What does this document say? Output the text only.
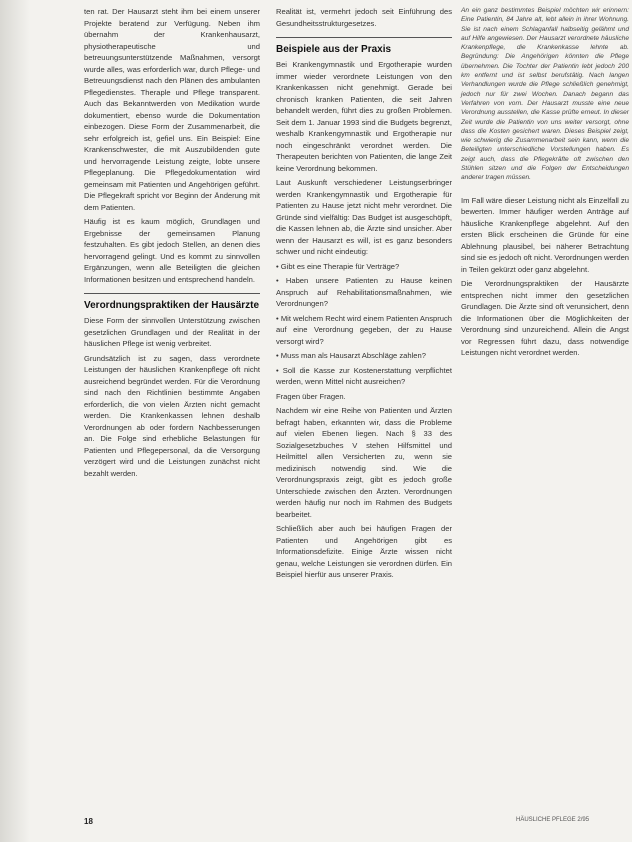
ten rat. Der Hausarzt steht ihm bei einem unserer Projekte beratend zur Verfügung. Neben ihm übernahm der Krankenhausarzt, physiotherapeutische und betreuungsunterstützende Maßnahmen, versorgt wurde alles, was erforderlich war, durch Pflege- und Betreuungsdienst nach den Plänen des ambulanten Pflegedienstes. Theraple und Pflege transparent. Auch das Bekanntwerden von Medikation wurde dokumentiert, ebenso wurde die Dokumentation einbezogen. Diese Form der Zusammenarbeit, die sehr erfolgreich ist, gefiel uns. Ein Beispiel: Eine Krankenschwester, die mit Auszubildenden gute und hervorragende Leistung zeigte, lobte unsere Pflegeplanung. Die Pflegedokumentation wird gemeinsam mit Patienten und Angehörigen geführt. Die Pflegekraft spricht vor Beginn der Änderung mit dem Patienten.

Häufig ist es kaum möglich, Grundlagen und Ergebnisse der gemeinsamen Planung festzuhalten. Es gibt jedoch Stellen, an denen dies hervorragend gelingt. Und es kommt zu sinnvollen Ergänzungen, wenn alle Beteiligten die gleichen Informationen besitzen und entsprechend handeln.

Verordnungspraktiken der Hausärzte

Diese Form der sinnvollen Unterstützung zwischen gesetzlichen Grundlagen und der Realität in der häuslichen Pflege ist wenig verbreitet.

Grundsätzlich ist zu sagen, dass verordnete Leistungen der häuslichen Krankenpflege oft nicht ausreichend begründet werden. Für die Verordnung sind nach den Richtlinien bestimmte Angaben erforderlich, die von vielen Ärzten nicht gemacht werden. Die Krankenkassen lehnen deshalb Verordnungen ab oder fordern Nachbesserungen an. Die Folge sind erhebliche Belastungen für Patienten und Pflegepersonal, da die Versorgung verzögert wird und die Leistungen zunächst nicht bezahlt werden.

Realität ist, vermehrt jedoch seit Einführung des Gesundheitsstrukturgesetzes.

Beispiele aus der Praxis

Bei Krankengymnastik und Ergotherapie wurden immer wieder verordnete Leistungen von den Krankenkassen nicht genehmigt. Gerade bei chronisch kranken Patienten, die seit Jahren behandelt werden, führt dies zu großen Problemen. Seit dem 1. Januar 1993 sind die Budgets begrenzt, weshalb Krankengymnastik und Ergotherapie nur noch eingeschränkt verordnet werden. Die Therapeuten berichten von Patienten, die lange Zeit keine Verordnung bekommen.

Laut Auskunft verschiedener Leistungserbringer werden Krankengymnastik und Ergotherapie für Patienten zu Hause jetzt nicht mehr verordnet. Die Gründe sind vielfältig: Das Budget ist ausgeschöpft, die Kassen lehnen ab, die Ärzte sind unsicher. Aber wenn der Hausarzt es will, ist es ganz besonders schwer und nicht eindeutig:

• Gibt es eine Therapie für Verträge?

• Haben unsere Patienten zu Hause keinen Anspruch auf Rehabilitationsmaßnahmen, wie Verordnungen?

• Mit welchem Recht wird einem Patienten Anspruch auf eine Verordnung gegeben, der zu Hause versorgt wird?

• Muss man als Hausarzt Abschläge zahlen?

• Soll die Kasse zur Kostenerstattung verpflichtet werden, wenn Mittel nicht ausreichen?

Fragen über Fragen.

Nachdem wir eine Reihe von Patienten und Ärzten befragt haben, erkannten wir, dass die Probleme auf vielen Ebenen liegen. Nach § 33 des Sozialgesetzbuches V stehen Hilfsmittel und Heilmittel allen Versicherten zu, wenn sie medizinisch notwendig sind. Wie die Verordnungspraxis zeigt, gibt es jedoch große Unterschiede zwischen den Ärzten. Verordnungen werden häufig nur noch im Rahmen des Budgets bearbeitet.

Schließlich aber auch bei häufigen Fragen der Patienten und Angehörigen gibt es Informationsdefizite. Einige Ärzte wissen nicht genau, welche Leistungen sie verordnen dürfen. Ein Beispiel hierfür aus unserer Praxis.

An ein ganz bestimmtes Beispiel möchten wir erinnern: Eine Patientin, 84 Jahre alt, lebt allein in ihrer Wohnung. Sie ist nach einem Schlaganfall halbseitig gelähmt und auf Hilfe angewiesen. Der Hausarzt verordnete häusliche Krankenpflege, die Krankenkasse lehnte ab. Begründung: Die Angehörigen könnten die Pflege übernehmen. Die Tochter der Patientin lebt jedoch 200 km entfernt und ist selbst berufstätig. Nach langen Verhandlungen wurde die Pflege schließlich genehmigt, jedoch nur für zwei Wochen. Danach begann das Verfahren von vorn. Der Hausarzt musste eine neue Verordnung ausstellen, die Kasse prüfte erneut. In dieser Zeit wurde die Patientin von uns weiter versorgt, ohne dass die Kosten gesichert waren. Dieses Beispiel zeigt, wie schwierig die Zusammenarbeit sein kann, wenn die Beteiligten unterschiedliche Vorstellungen haben. Es zeigt auch, dass die Pflegekräfte oft zwischen den Stühlen sitzen und die Folgen der Entscheidungen anderer tragen müssen.

Im Fall wäre dieser Leistung nicht als Einzelfall zu bewerten. Immer häufiger werden Anträge auf häusliche Krankenpflege abgelehnt. Auf den ersten Blick erscheinen die Gründe für eine Ablehnung plausibel, bei näherer Betrachtung sind sie es jedoch oft nicht. Verordnungen werden in Teilen gekürzt oder ganz abgelehnt.

Die Verordnungspraktiken der Hausärzte entsprechen nicht immer den gesetzlichen Grundlagen. Die Ärzte sind oft verunsichert, denn die Informationen über die Möglichkeiten der Verordnung sind unzureichend. Allein die Angst vor Regressen führt dazu, dass notwendige Leistungen nicht verordnet werden.

18	HÄUSLICHE PFLEGE 2/95
